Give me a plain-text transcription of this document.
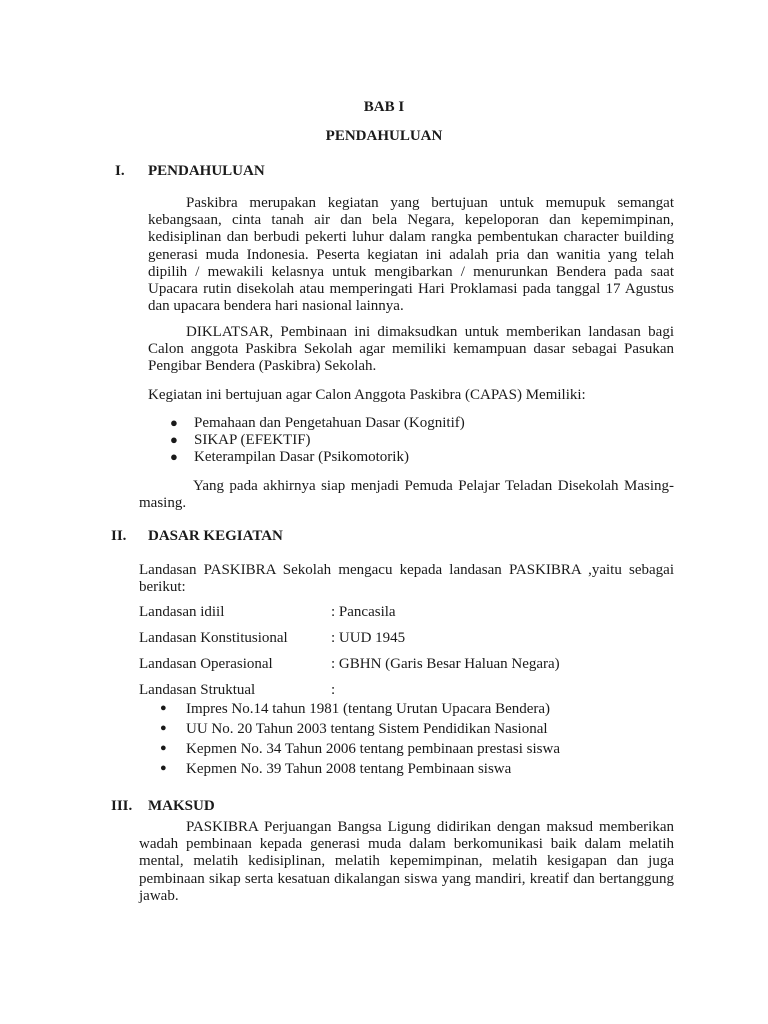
BAB I
PENDAHULUAN
I. PENDAHULUAN

Paskibra merupakan kegiatan yang bertujuan untuk memupuk semangat kebangsaan, cinta tanah air dan bela Negara, kepeloporan dan kepemimpinan, kedisiplinan dan berbudi pekerti luhur dalam rangka pembentukan character building generasi muda Indonesia. Peserta kegiatan ini adalah pria dan wanitia yang telah dipilih / mewakili kelasnya untuk mengibarkan / menurunkan Bendera pada saat Upacara rutin disekolah atau memperingati Hari Proklamasi pada tanggal 17 Agustus dan upacara bendera hari nasional lainnya.

DIKLATSAR, Pembinaan ini dimaksudkan untuk memberikan landasan bagi Calon anggota Paskibra Sekolah agar memiliki kemampuan dasar sebagai Pasukan Pengibar Bendera (Paskibra) Sekolah.

Kegiatan ini bertujuan agar Calon Anggota Paskibra (CAPAS) Memiliki:

● Pemahaan dan Pengetahuan Dasar (Kognitif)
● SIKAP (EFEKTIF)
● Keterampilan Dasar (Psikomotorik)

Yang pada akhirnya siap menjadi Pemuda Pelajar Teladan Disekolah Masing-masing.

II. DASAR KEGIATAN

Landasan PASKIBRA Sekolah mengacu kepada landasan PASKIBRA ,yaitu sebagai berikut:

Landasan idiil	: Pancasila
Landasan Konstitusional	: UUD 1945
Landasan Operasional	: GBHN (Garis Besar Haluan Negara)
Landasan Struktual	:
● Impres No.14 tahun 1981 (tentang Urutan Upacara Bendera)
● UU No. 20 Tahun 2003 tentang Sistem Pendidikan Nasional
● Kepmen No. 34 Tahun 2006 tentang pembinaan prestasi siswa
● Kepmen No. 39 Tahun 2008 tentang Pembinaan siswa
III. MAKSUD

PASKIBRA Perjuangan Bangsa Ligung didirikan dengan maksud memberikan wadah pembinaan kepada generasi muda dalam berkomunikasi baik dalam melatih mental, melatih kedisiplinan, melatih kepemimpinan, melatih kesigapan dan juga pembinaan sikap serta kesatuan dikalangan siswa yang mandiri, kreatif dan bertanggung jawab.
